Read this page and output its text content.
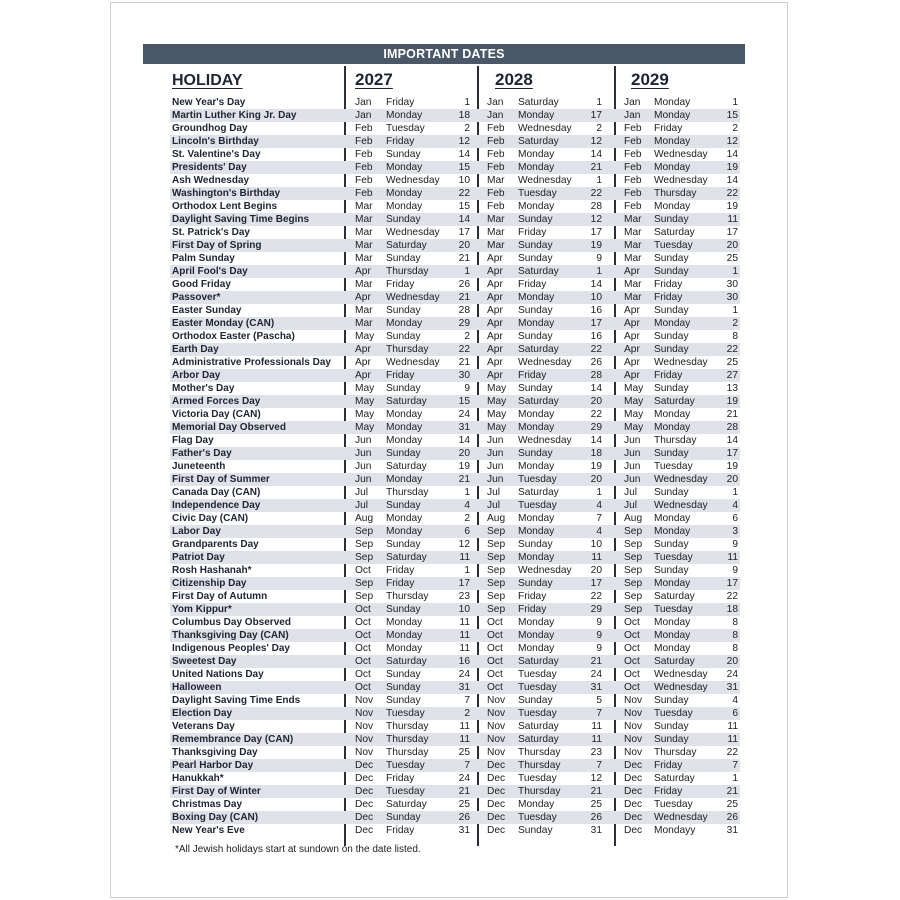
IMPORTANT DATES
HOLIDAY	2027	2028	2029
New Year's Day	Jan Friday	1 Jan Saturday	1 Jan Monday	1
Martin Luther King Jr. Day	Jan Monday	18 Jan Monday	17 Jan Monday	15
Groundhog Day	Feb Tuesday	2 Feb Wednesday	2 Feb Friday	2
Lincoln's Birthday	Feb Friday	12 Feb Saturday	12 Feb Monday	12
St. Valentine's Day	Feb Sunday	14 Feb Monday	14 Feb Wednesday	14
Presidents' Day	Feb Monday	15 Feb Monday	21 Feb Monday	19
Ash Wednesday	Feb Wednesday	10 Mar Wednesday	1 Feb Wednesday	14
Washington's Birthday	Feb Monday	22 Feb Tuesday	22 Feb Thursday	22
Orthodox Lent Begins	Mar Monday	15 Feb Monday	28 Feb Monday	19
Daylight Saving Time Begins	Mar Sunday	14 Mar Sunday	12 Mar Sunday	11
St. Patrick's Day	Mar Wednesday	17 Mar Friday	17 Mar Saturday	17
First Day of Spring	Mar Saturday	20 Mar Sunday	19 Mar Tuesday	20
Palm Sunday	Mar Sunday	21 Apr Sunday	9 Mar Sunday	25
April Fool's Day	Apr Thursday	1 Apr Saturday	1 Apr Sunday	1
Good Friday	Mar Friday	26 Apr Friday	14 Mar Friday	30
Passover*	Apr Wednesday	21 Apr Monday	10 Mar Friday	30
Easter Sunday	Mar Sunday	28 Apr Sunday	16 Apr Sunday	1
Easter Monday (CAN)	Mar Monday	29 Apr Monday	17 Apr Monday	2
Orthodox Easter (Pascha)	May Sunday	2 Apr Sunday	16 Apr Sunday	8
Earth Day	Apr Thursday	22 Apr Saturday	22 Apr Sunday	22
Administrative Professionals Day Apr Wednesday	21 Apr Wednesday	26 Apr Wednesday	25
Arbor Day	Apr Friday	30 Apr Friday	28 Apr Friday	27
Mother's Day	May Sunday	9 May Sunday	14 May Sunday	13
Armed Forces Day	May Saturday	15 May Saturday	20 May Saturday	19
Victoria Day (CAN)	May Monday	24 May Monday	22 May Monday	21
Memorial Day Observed	May Monday	31 May Monday	29 May Monday	28
Flag Day	Jun Monday	14 Jun Wednesday	14 Jun Thursday	14
Father's Day	Jun Sunday	20 Jun Sunday	18 Jun Sunday	17
Juneteenth	Jun Saturday	19 Jun Monday	19 Jun Tuesday	19
First Day of Summer	Jun Monday	21 Jun Tuesday	20 Jun Wednesday	20
Canada Day (CAN)	Jul Thursday	1 Jul Saturday	1 Jul Sunday	1
Independence Day	Jul Sunday	4 Jul Tuesday	4 Jul Wednesday	4
Civic Day (CAN)	Aug Monday	2 Aug Monday	7 Aug Monday	6
Labor Day	Sep Monday	6 Sep Monday	4 Sep Monday	3
Grandparents Day	Sep Sunday	12 Sep Sunday	10 Sep Sunday	9
Patriot Day	Sep Saturday	11 Sep Monday	11 Sep Tuesday	11
Rosh Hashanah*	Oct Friday	1 Sep Wednesday	20 Sep Sunday	9
Citizenship Day	Sep Friday	17 Sep Sunday	17 Sep Monday	17
First Day of Autumn	Sep Thursday	23 Sep Friday	22 Sep Saturday	22
Yom Kippur*	Oct Sunday	10 Sep Friday	29 Sep Tuesday	18
Columbus Day Observed	Oct Monday	11 Oct Monday	9 Oct Monday	8
Thanksgiving Day (CAN)	Oct Monday	11 Oct Monday	9 Oct Monday	8
Indigenous Peoples' Day	Oct Monday	11 Oct Monday	9 Oct Monday	8
Sweetest Day	Oct Saturday	16 Oct Saturday	21 Oct Saturday	20
United Nations Day	Oct Sunday	24 Oct Tuesday	24 Oct Wednesday	24
Halloween	Oct Sunday	31 Oct Tuesday	31 Oct Wednesday	31
Daylight Saving Time Ends	Nov Sunday	7 Nov Sunday	5 Nov Sunday	4
Election Day	Nov Tuesday	2 Nov Tuesday	7 Nov Tuesday	6
Veterans Day	Nov Thursday	11 Nov Saturday	11 Nov Sunday	11
Remembrance Day (CAN)	Nov Thursday	11 Nov Saturday	11 Nov Sunday	11
Thanksgiving Day	Nov Thursday	25 Nov Thursday	23 Nov Thursday	22
Pearl Harbor Day	Dec Tuesday	7 Dec Thursday	7 Dec Friday	7
Hanukkah*	Dec Friday	24 Dec Tuesday	12 Dec Saturday	1
First Day of Winter	Dec Tuesday	21 Dec Thursday	21 Dec Friday	21
Christmas Day	Dec Saturday	25 Dec Monday	25 Dec Tuesday	25
Boxing Day (CAN)	Dec Sunday	26 Dec Tuesday	26 Dec Wednesday	26
New Year's Eve	Dec Friday	31 Dec Sunday	31 Dec Mondayy	31
*All Jewish holidays start at sundown on the date listed.
